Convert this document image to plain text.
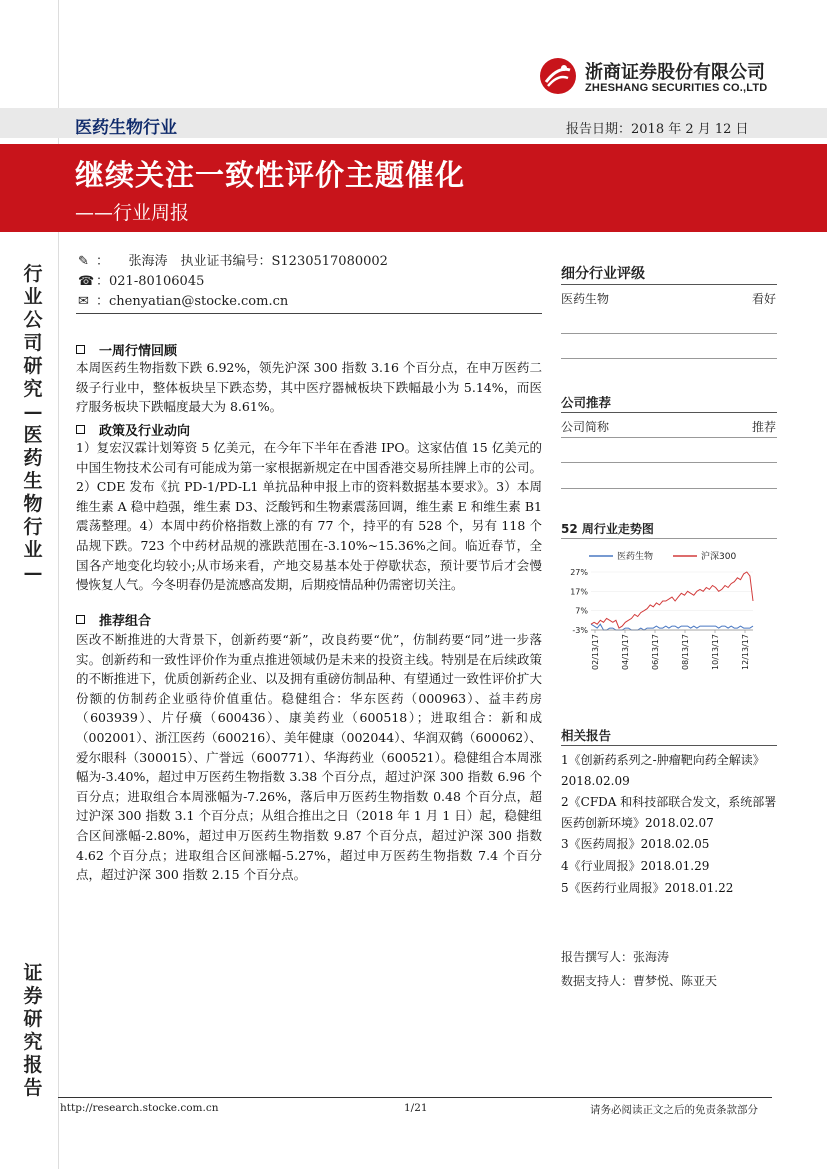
行业公司研究—医药生物行业—
证券研究报告
浙商证券股份有限公司
ZHESHANG SECURITIES CO.,LTD
医药生物行业	报告日期：2018 年 2 月 12 日
继续关注一致性评价主题催化
——行业周报
✎ ：　　张海涛　执业证书编号：S1230517080002
☎ ：021-80106045
✉ ：chenyatian@stocke.com.cn
一周行情回顾
本周医药生物指数下跌 6.92%，领先沪深 300 指数 3.16 个百分点，在申万医药二级子行业中，整体板块呈下跌态势，其中医疗器械板块下跌幅最小为 5.14%，而医疗服务板块下跌幅度最大为 8.61%。
政策及行业动向
1）复宏汉霖计划筹资 5 亿美元，在今年下半年在香港 IPO。这家估值 15 亿美元的中国生物技术公司有可能成为第一家根据新规定在中国香港交易所挂牌上市的公司。2）CDE 发布《抗 PD-1/PD-L1 单抗品种申报上市的资料数据基本要求》。3）本周维生素 A 稳中趋强，维生素 D3、泛酸钙和生物素震荡回调，维生素 E 和维生素 B1 震荡整理。4）本周中药价格指数上涨的有 77 个，持平的有 528 个，另有 118 个品规下跌。723 个中药材品规的涨跌范围在-3.10%~15.36%之间。临近春节，全国各产地变化均较小;从市场来看，产地交易基本处于停歇状态，预计要节后才会慢慢恢复人气。今冬明春仍是流感高发期，后期疫情品种仍需密切关注。
推荐组合
医改不断推进的大背景下，创新药要“新”，改良药要“优”，仿制药要“同”进一步落实。创新药和一致性评价作为重点推进领域仍是未来的投资主线。特别是在后续政策的不断推进下，优质创新药企业、以及拥有重磅仿制品种、有望通过一致性评价扩大份额的仿制药企业亟待价值重估。稳健组合：华东医药（000963）、益丰药房（603939）、片仔癀（600436）、康美药业（600518）；进取组合：新和成（002001）、浙江医药（600216）、美年健康（002044）、华润双鹤（600062）、爱尔眼科（300015）、广誉远（600771）、华海药业（600521）。稳健组合本周涨幅为-3.40%，超过申万医药生物指数 3.38 个百分点，超过沪深 300 指数 6.96 个百分点；进取组合本周涨幅为-7.26%，落后申万医药生物指数 0.48 个百分点，超过沪深 300 指数 3.1 个百分点；从组合推出之日（2018 年 1 月 1 日）起，稳健组合区间涨幅-2.80%，超过申万医药生物指数 9.87 个百分点，超过沪深 300 指数 4.62 个百分点；进取组合区间涨幅-5.27%，超过申万医药生物指数 7.4 个百分点，超过沪深 300 指数 2.15 个百分点。
细分行业评级
医药生物	看好
公司推荐
公司简称	推荐
52 周行业走势图
医药生物	沪深300
27%
17%
7%
-3%
02/13/17	04/13/17	06/13/17	08/13/17	10/13/17	12/13/17
相关报告
1《创新药系列之-肿瘤靶向药全解读》2018.02.09
2《CFDA 和科技部联合发文，系统部署医药创新环境》2018.02.07
3《医药周报》2018.02.05
4《行业周报》2018.01.29
5《医药行业周报》2018.01.22
报告撰写人：张海涛
数据支持人：曹梦悦、陈亚天
http://research.stocke.com.cn	1/21	请务必阅读正文之后的免责条款部分
